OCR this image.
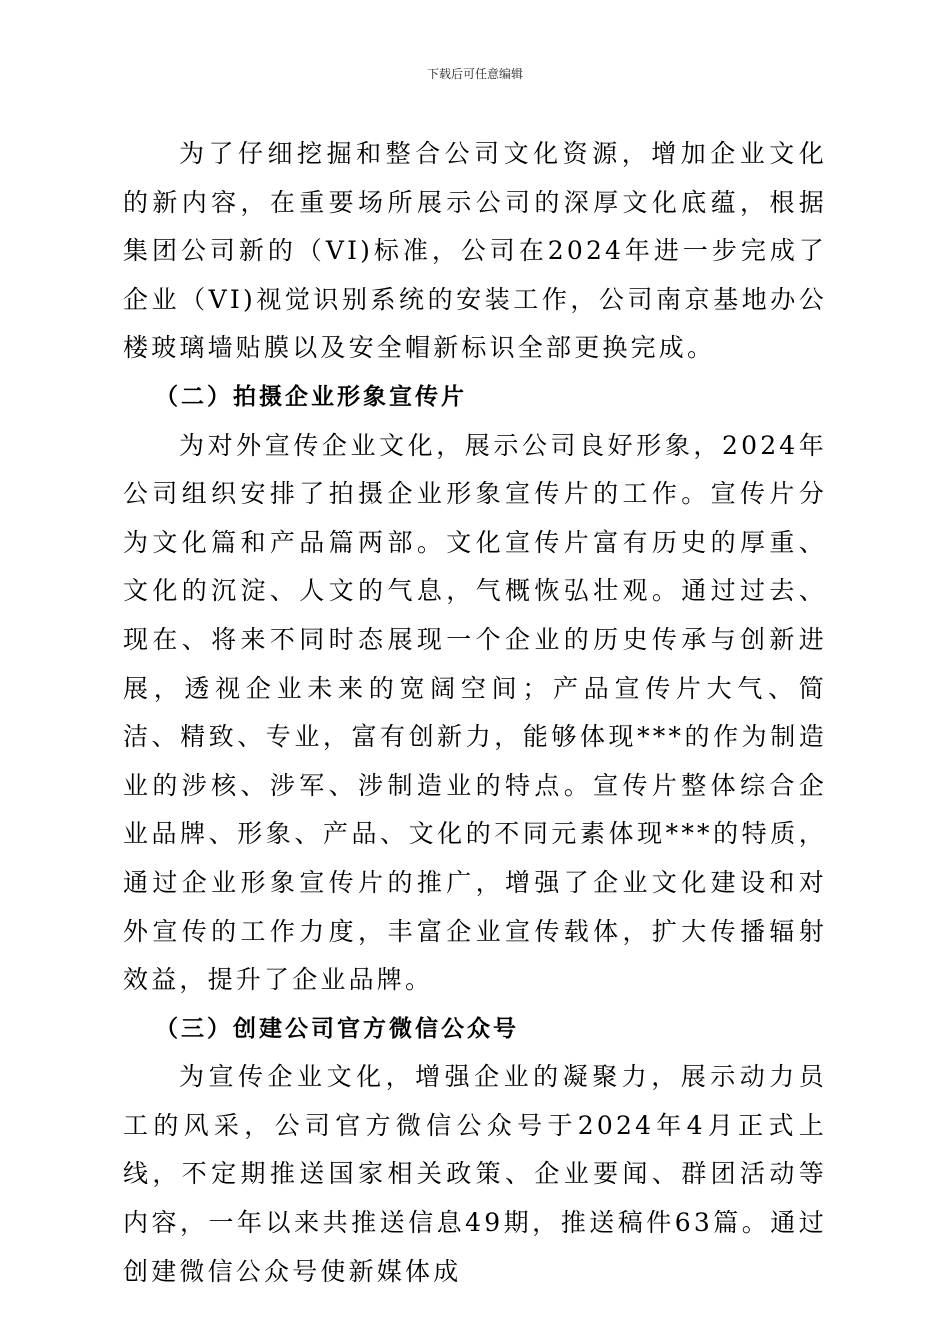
下载后可任意编辑

为了仔细挖掘和整合公司文化资源，增加企业文化的新内容，在重要场所展示公司的深厚文化底蕴，根据集团公司新的（VI)标准，公司在2024年进一步完成了企业（VI)视觉识别系统的安装工作，公司南京基地办公楼玻璃墙贴膜以及安全帽新标识全部更换完成。

（二）拍摄企业形象宣传片

为对外宣传企业文化，展示公司良好形象，2024年公司组织安排了拍摄企业形象宣传片的工作。宣传片分为文化篇和产品篇两部。文化宣传片富有历史的厚重、文化的沉淀、人文的气息，气概恢弘壮观。通过过去、现在、将来不同时态展现一个企业的历史传承与创新进展，透视企业未来的宽阔空间；产品宣传片大气、简洁、精致、专业，富有创新力，能够体现***的作为制造业的涉核、涉军、涉制造业的特点。宣传片整体综合企业品牌、形象、产品、文化的不同元素体现***的特质，通过企业形象宣传片的推广，增强了企业文化建设和对外宣传的工作力度，丰富企业宣传载体，扩大传播辐射效益，提升了企业品牌。

（三）创建公司官方微信公众号

为宣传企业文化，增强企业的凝聚力，展示动力员工的风采，公司官方微信公众号于2024年4月正式上线，不定期推送国家相关政策、企业要闻、群团活动等内容，一年以来共推送信息49期，推送稿件63篇。通过创建微信公众号使新媒体成
